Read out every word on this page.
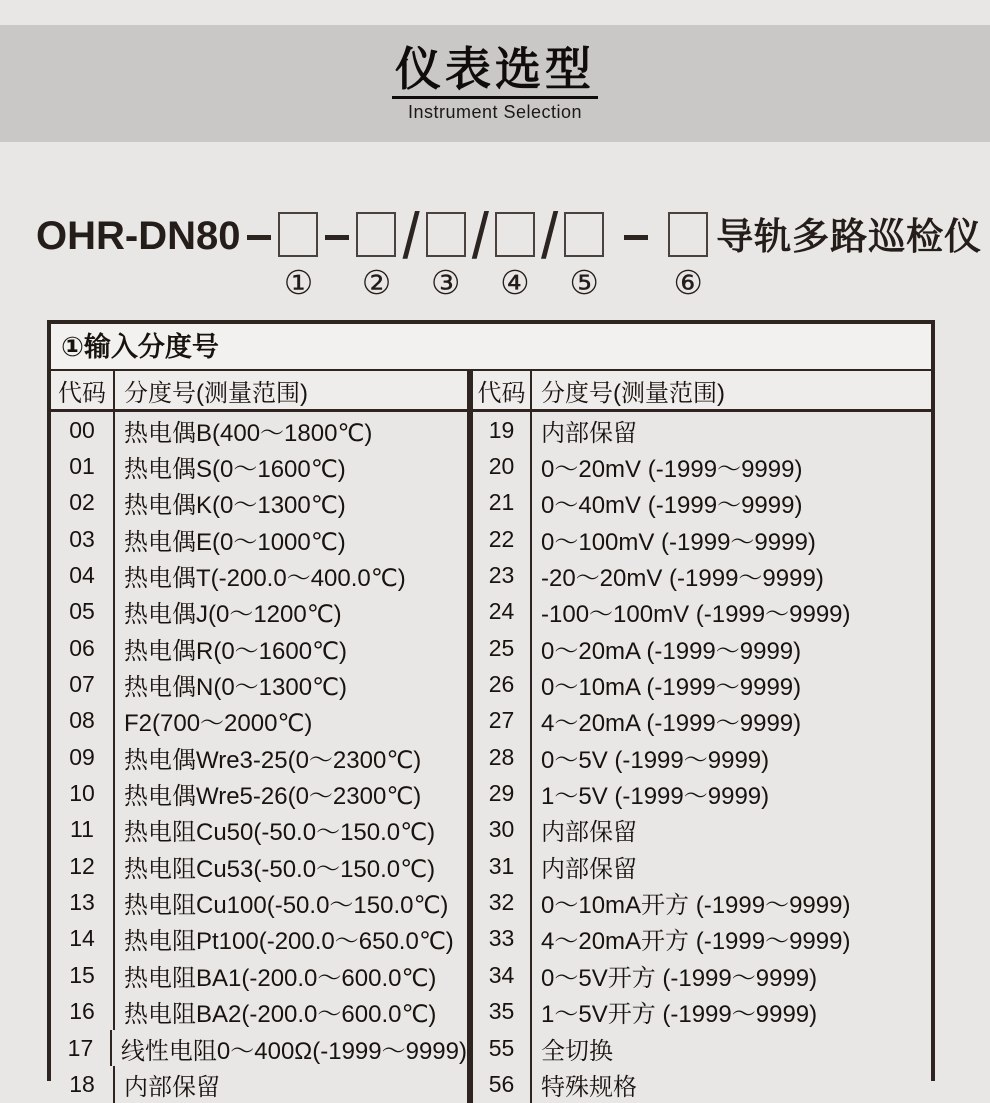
仪表选型
Instrument Selection
OHR-DN80
① ②
/
③
/
④
/
⑤ ⑥
导轨多路巡检仪
①输入分度号
代码 分度号(测量范围)	代码 分度号(测量范围)
00	热电偶B(400～1800℃)
01	热电偶S(0～1600℃)
02	热电偶K(0～1300℃)
03	热电偶E(0～1000℃)
04	热电偶T(-200.0～400.0℃)
05	热电偶J(0～1200℃)
06	热电偶R(0～1600℃)
07	热电偶N(0～1300℃)
08	F2(700～2000℃)
09	热电偶Wre3-25(0～2300℃)
10	热电偶Wre5-26(0～2300℃)
11	热电阻Cu50(-50.0～150.0℃)
12	热电阻Cu53(-50.0～150.0℃)
13	热电阻Cu100(-50.0～150.0℃)
14	热电阻Pt100(-200.0～650.0℃)
15	热电阻BA1(-200.0～600.0℃)
16	热电阻BA2(-200.0～600.0℃)
17	线性电阻0～400Ω(-1999～9999)
18	内部保留
19	内部保留
20	0～20mV (-1999～9999)
21	0～40mV (-1999～9999)
22	0～100mV (-1999～9999)
23	-20～20mV (-1999～9999)
24	-100～100mV (-1999～9999)
25	0～20mA (-1999～9999)
26	0～10mA (-1999～9999)
27	4～20mA (-1999～9999)
28	0～5V (-1999～9999)
29	1～5V (-1999～9999)
30	内部保留
31	内部保留
32	0～10mA开方 (-1999～9999)
33	4～20mA开方 (-1999～9999)
34	0～5V开方 (-1999～9999)
35	1～5V开方 (-1999～9999)
55	全切换
56	特殊规格
